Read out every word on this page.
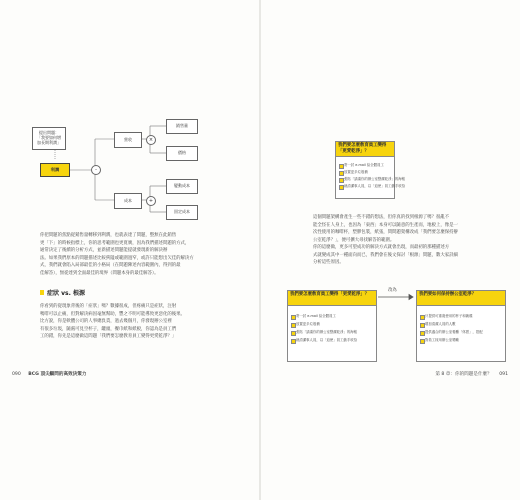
提出問題：
「我要如何增
加長期利潤」
利潤	-
營收	×
銷售量
價格
成本	+
變動成本
固定成本
你把問題的焦點從銷售量轉移到利潤，也就表達了問題，整無在此銷售
更「下」的時候指標上，你的思考範圍也更寬廣，因為我們描述問題的方式，
通常決定了後續的分析方式，並新描述問題能提就發現新的解決辦
法。如果我們原本的問題描述比較狹隘或範圍過窄，或許只能想出欠佳的解決方
式，我們就會陷入局部最佳的小格局（在問題陳述內容範圍內，得到的最
佳解答），無從達到全面最佳的境界（問題本身的最佳解答）。
症狀 vs. 根源
你看到的從現象背後的「症狀」嗎？數據很成，但疼痛只是症狀，注射
嗎啡可以止痛，但對解決病因毫無幫助，豐之不明可能導致更惡化的後果。
比方說，你是軟體公司的人事總負責，過去幾個月，你發現辦公室裡
有很多垃圾，隨處可見空杯子，罐頭，餐巾紙和紙板，你認為是員工們
工的錯，你先是這麼做這問題「我們要怎麼敎育員工變得更愛乾淨？」
090 BCG 頂尖顧問的高效決策力
我們要怎麼敎育員工變得「更愛乾淨」？
寄一封 e-mail 給全體員工
放置更多垃圾桶
張貼「請讓你的辦公室整潔乾淨」的海報
就清潔事人員，以「迫使」員工動手收拾
這個問題架構會產生一些不錯的想法，但你真的找到根源了嗎？很亂不
能全怪在人身上，也因為「東西」本身可以隨意的生產而，地板上，像是一
次性使用的咖啡杯，塑膠包裝，紙張，問問題架構改成「我們要怎麼保持辦
公室乾淨？」，便可擴大尋找解答的範圍。
你的這麼做，更多可望成功的解決方式就會出現，而最初的那種描述方
式就變成其中一種面向而已，我們會在後文探討「根源」問題，數大家詳細
分析這些原因。
我們要怎麼敎育員工變得「更愛乾淨」？
寄一封 e-mail 給全體員工
放置更多垃圾桶
張貼「請讓你的辦公室整潔乾淨」的海報
就清潔事人員，以「迫使」員工動手收拾
改為
我們要如何保持辦公室乾淨？
只提供可重複使用的杯子和碗碟
增加清潔人員的人數
提供適合的辦公室餐廳「休憩」，搭配
對員工採用辦公室獎勵
第 8 章：你的問題是什麼？ 091
